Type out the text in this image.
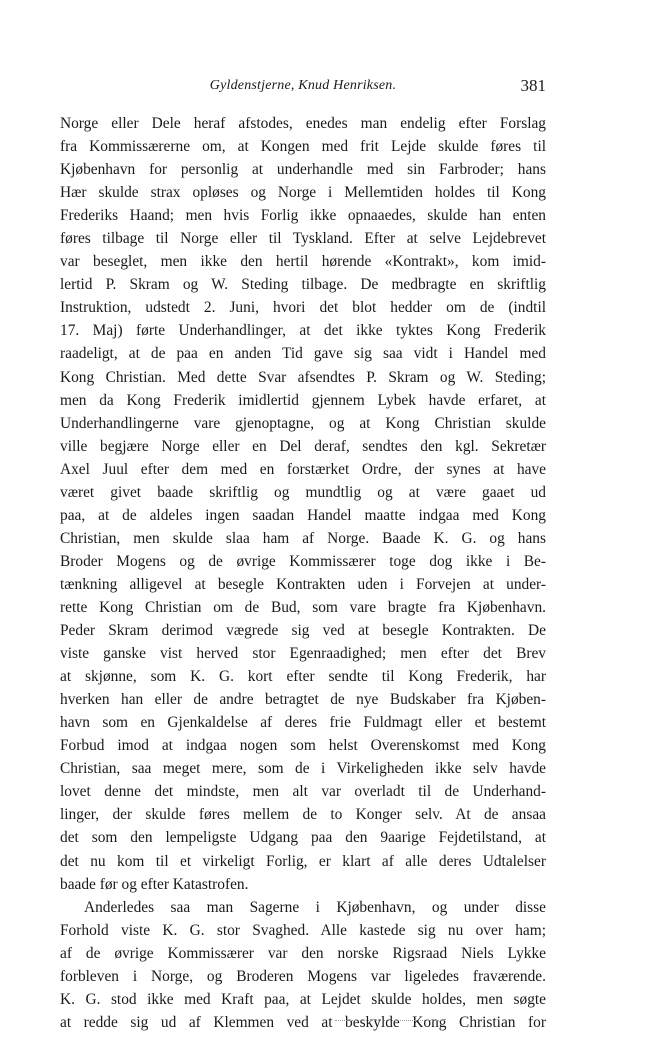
Gyldenstjerne, Knud Henriksen.	381
Norge eller Dele heraf afstodes, enedes man endelig efter Forslag
fra Kommissærerne om, at Kongen med frit Lejde skulde føres til
Kjøbenhavn for personlig at underhandle med sin Farbroder; hans
Hær skulde strax opløses og Norge i Mellemtiden holdes til Kong
Frederiks Haand; men hvis Forlig ikke opnaaedes, skulde han enten
føres tilbage til Norge eller til Tyskland. Efter at selve Lejdebrevet
var beseglet, men ikke den hertil hørende «Kontrakt», kom imid-
lertid P. Skram og W. Steding tilbage. De medbragte en skriftlig
Instruktion, udstedt 2. Juni, hvori det blot hedder om de (indtil
17. Maj) førte Underhandlinger, at det ikke tyktes Kong Frederik
raadeligt, at de paa en anden Tid gave sig saa vidt i Handel med
Kong Christian. Med dette Svar afsendtes P. Skram og W. Steding;
men da Kong Frederik imidlertid gjennem Lybek havde erfaret, at
Underhandlingerne vare gjenoptagne, og at Kong Christian skulde
ville begjære Norge eller en Del deraf, sendtes den kgl. Sekretær
Axel Juul efter dem med en forstærket Ordre, der synes at have
været givet baade skriftlig og mundtlig og at være gaaet ud
paa, at de aldeles ingen saadan Handel maatte indgaa med Kong
Christian, men skulde slaa ham af Norge. Baade K. G. og hans
Broder Mogens og de øvrige Kommissærer toge dog ikke i Be-
tænkning alligevel at besegle Kontrakten uden i Forvejen at under-
rette Kong Christian om de Bud, som vare bragte fra Kjøbenhavn.
Peder Skram derimod vægrede sig ved at besegle Kontrakten. De
viste ganske vist herved stor Egenraadighed; men efter det Brev
at skjønne, som K. G. kort efter sendte til Kong Frederik, har
hverken han eller de andre betragtet de nye Budskaber fra Kjøben-
havn som en Gjenkaldelse af deres frie Fuldmagt eller et bestemt
Forbud imod at indgaa nogen som helst Overenskomst med Kong
Christian, saa meget mere, som de i Virkeligheden ikke selv havde
lovet denne det mindste, men alt var overladt til de Underhand-
linger, der skulde føres mellem de to Konger selv. At de ansaa
det som den lempeligste Udgang paa den 9aarige Fejdetilstand, at
det nu kom til et virkeligt Forlig, er klart af alle deres Udtalelser
baade før og efter Katastrofen.
Anderledes saa man Sagerne i Kjøbenhavn, og under disse
Forhold viste K. G. stor Svaghed. Alle kastede sig nu over ham;
af de øvrige Kommissærer var den norske Rigsraad Niels Lykke
forbleven i Norge, og Broderen Mogens var ligeledes fraværende.
K. G. stod ikke med Kraft paa, at Lejdet skulde holdes, men søgte
at redde sig ud af Klemmen ved at beskylde Kong Christian for
